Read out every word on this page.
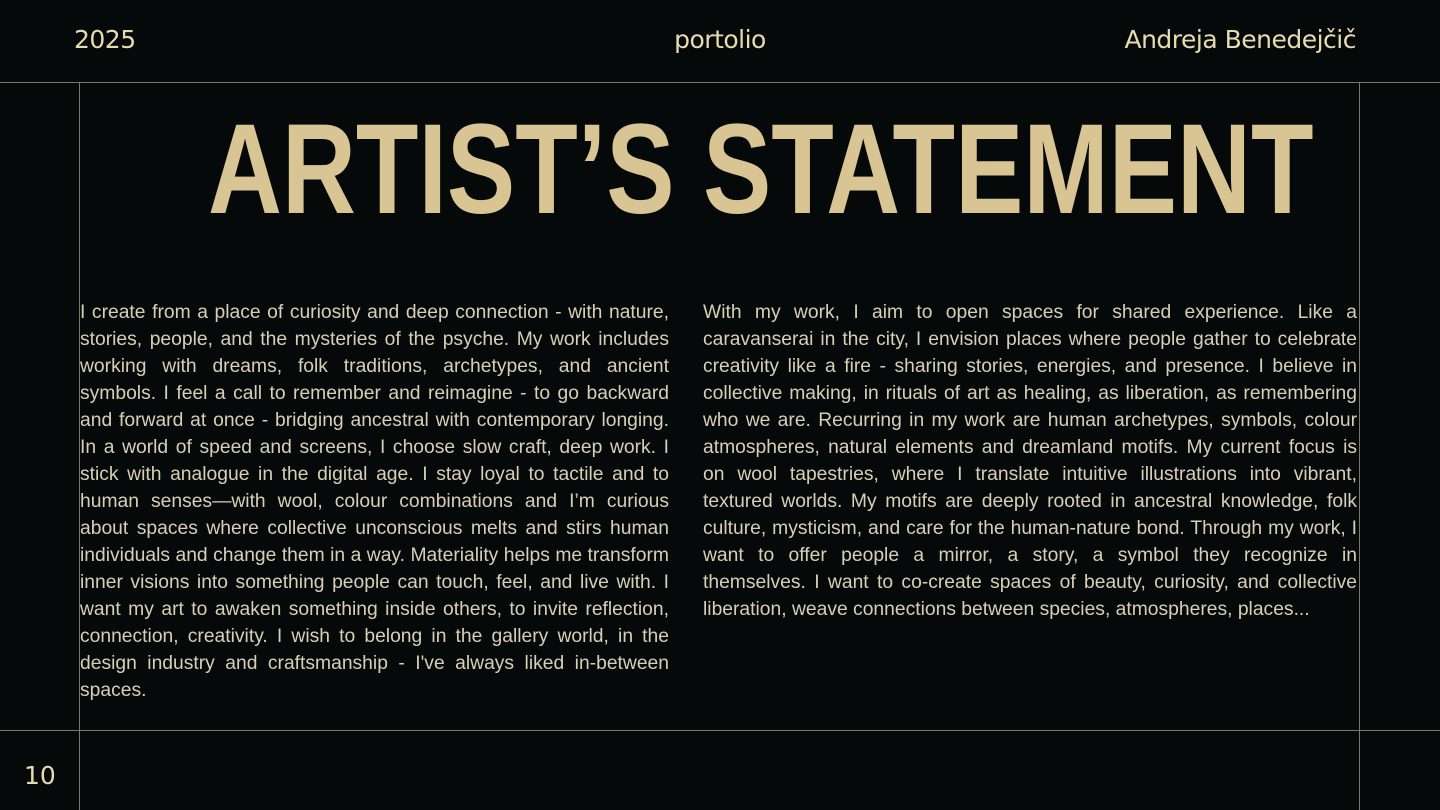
2025	portolio	Andreja Benedejčič
ARTIST’S STATEMENT

I create from a place of curiosity and deep connection - with nature, stories, people, and the mysteries of the psyche. My work includes working with dreams, folk traditions, archetypes, and ancient symbols. I feel a call to remember and reimagine - to go backward and forward at once - bridging ancestral with contemporary longing. In a world of speed and screens, I choose slow craft, deep work. I stick with analogue in the digital age. I stay loyal to tactile and to human senses—with wool, colour combinations and I’m curious about spaces where collective unconscious melts and stirs human individuals and change them in a way. Materiality helps me transform inner visions into something people can touch, feel, and live with. I want my art to awaken something inside others, to invite reflection, connection, creativity. I wish to belong in the gallery world, in the design industry and craftsmanship - I've always liked in-between spaces.

With my work, I aim to open spaces for shared experience. Like a caravanserai in the city, I envision places where people gather to celebrate creativity like a fire - sharing stories, energies, and presence. I believe in collective making, in rituals of art as healing, as liberation, as remembering who we are. Recurring in my work are human archetypes, symbols, colour atmospheres, natural elements and dreamland motifs. My current focus is on wool tapestries, where I translate intuitive illustrations into vibrant, textured worlds. My motifs are deeply rooted in ancestral knowledge, folk culture, mysticism, and care for the human-nature bond. Through my work, I want to offer people a mirror, a story, a symbol they recognize in themselves. I want to co-create spaces of beauty, curiosity, and collective liberation, weave connections between species, atmospheres, places...

10
